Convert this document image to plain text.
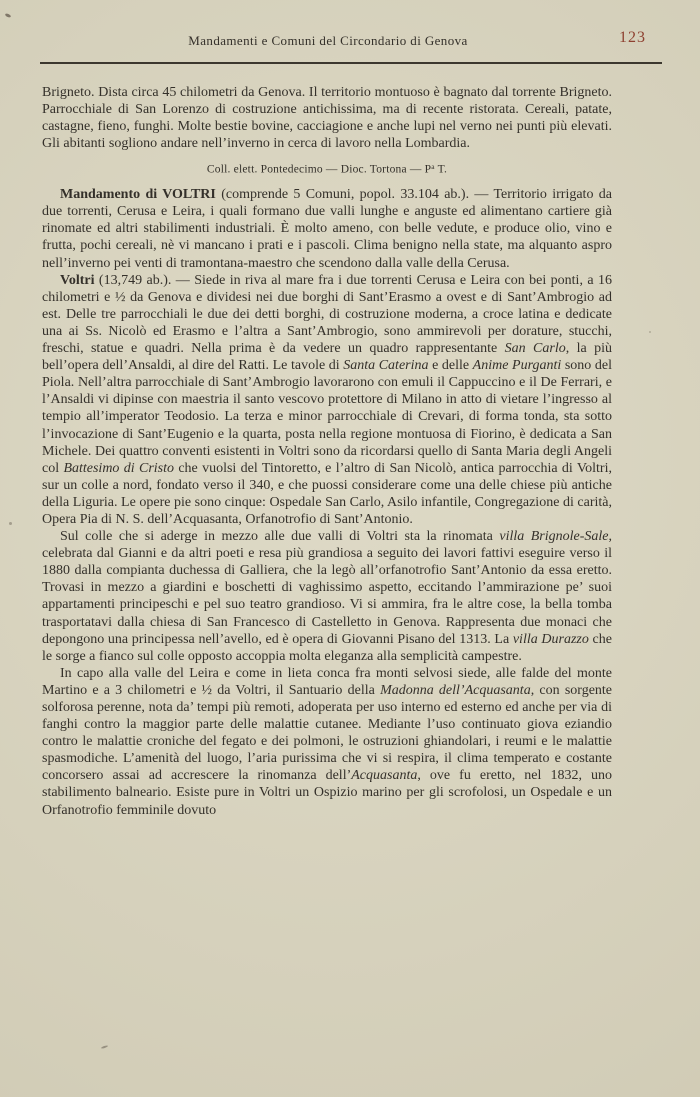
Mandamenti e Comuni del Circondario di Genova	123

Brigneto. Dista circa 45 chilometri da Genova. Il territorio montuoso è bagnato dal torrente Brigneto. Parrocchiale di San Lorenzo di costruzione antichissima, ma di recente ristorata. Cereali, patate, castagne, fieno, funghi. Molte bestie bovine, cacciagione e anche lupi nel verno nei punti più elevati. Gli abitanti sogliono andare nell’inverno in cerca di lavoro nella Lombardia.

Coll. elett. Pontedecimo — Dioc. Tortona — $P^a$ T.

Mandamento di VOLTRI (comprende 5 Comuni, popol. 33.104 ab.). — Territorio irrigato da due torrenti, Cerusa e Leira, i quali formano due valli lunghe e anguste ed alimentano cartiere già rinomate ed altri stabilimenti industriali. È molto ameno, con belle vedute, e produce olio, vino e frutta, pochi cereali, nè vi mancano i prati e i pascoli. Clima benigno nella state, ma alquanto aspro nell’inverno pei venti di tramontana-maestro che scendono dalla valle della Cerusa.

Voltri (13,749 ab.). — Siede in riva al mare fra i due torrenti Cerusa e Leira con bei ponti, a 16 chilometri e ½ da Genova e dividesi nei due borghi di Sant’Erasmo a ovest e di Sant’Ambrogio ad est. Delle tre parrocchiali le due dei detti borghi, di costruzione moderna, a croce latina e dedicate una ai Ss. Nicolò ed Erasmo e l’altra a Sant’Ambrogio, sono ammirevoli per dorature, stucchi, freschi, statue e quadri. Nella prima è da vedere un quadro rappresentante San Carlo, la più bell’opera dell’Ansaldi, al dire del Ratti. Le tavole di Santa Caterina e delle Anime Purganti sono del Piola. Nell’altra parrocchiale di Sant’Ambrogio lavorarono con emuli il Cappuccino e il De Ferrari, e l’Ansaldi vi dipinse con maestria il santo vescovo protettore di Milano in atto di vietare l’ingresso al tempio all’imperator Teodosio. La terza e minor parrocchiale di Crevari, di forma tonda, sta sotto l’invocazione di Sant’Eugenio e la quarta, posta nella regione montuosa di Fiorino, è dedicata a San Michele. Dei quattro conventi esistenti in Voltri sono da ricordarsi quello di Santa Maria degli Angeli col Battesimo di Cristo che vuolsi del Tintoretto, e l’altro di San Nicolò, antica parrocchia di Voltri, sur un colle a nord, fondato verso il 340, e che puossi considerare come una delle chiese più antiche della Liguria. Le opere pie sono cinque: Ospedale San Carlo, Asilo infantile, Congregazione di carità, Opera Pia di N. S. dell’Acquasanta, Orfanotrofio di Sant’Antonio.

Sul colle che si aderge in mezzo alle due valli di Voltri sta la rinomata villa Brignole-Sale, celebrata dal Gianni e da altri poeti e resa più grandiosa a seguito dei lavori fattivi eseguire verso il 1880 dalla compianta duchessa di Galliera, che la legò all’orfanotrofio Sant’Antonio da essa eretto. Trovasi in mezzo a giardini e boschetti di vaghissimo aspetto, eccitando l’ammirazione pe’ suoi appartamenti principeschi e pel suo teatro grandioso. Vi si ammira, fra le altre cose, la bella tomba trasportatavi dalla chiesa di San Francesco di Castelletto in Genova. Rappresenta due monaci che depongono una principessa nell’avello, ed è opera di Giovanni Pisano del 1313. La villa Durazzo che le sorge a fianco sul colle opposto accoppia molta eleganza alla semplicità campestre.

In capo alla valle del Leira e come in lieta conca fra monti selvosi siede, alle falde del monte Martino e a 3 chilometri e ½ da Voltri, il Santuario della Madonna dell’Acquasanta, con sorgente solforosa perenne, nota da’ tempi più remoti, adoperata per uso interno ed esterno ed anche per via di fanghi contro la maggior parte delle malattie cutanee. Mediante l’uso continuato giova eziandio contro le malattie croniche del fegato e dei polmoni, le ostruzioni ghiandolari, i reumi e le malattie spasmodiche. L’amenità del luogo, l’aria purissima che vi si respira, il clima temperato e costante concorsero assai ad accrescere la rinomanza dell’Acquasanta, ove fu eretto, nel 1832, uno stabilimento balneario. Esiste pure in Voltri un Ospizio marino per gli scrofolosi, un Ospedale e un Orfanotrofio femminile dovuto
